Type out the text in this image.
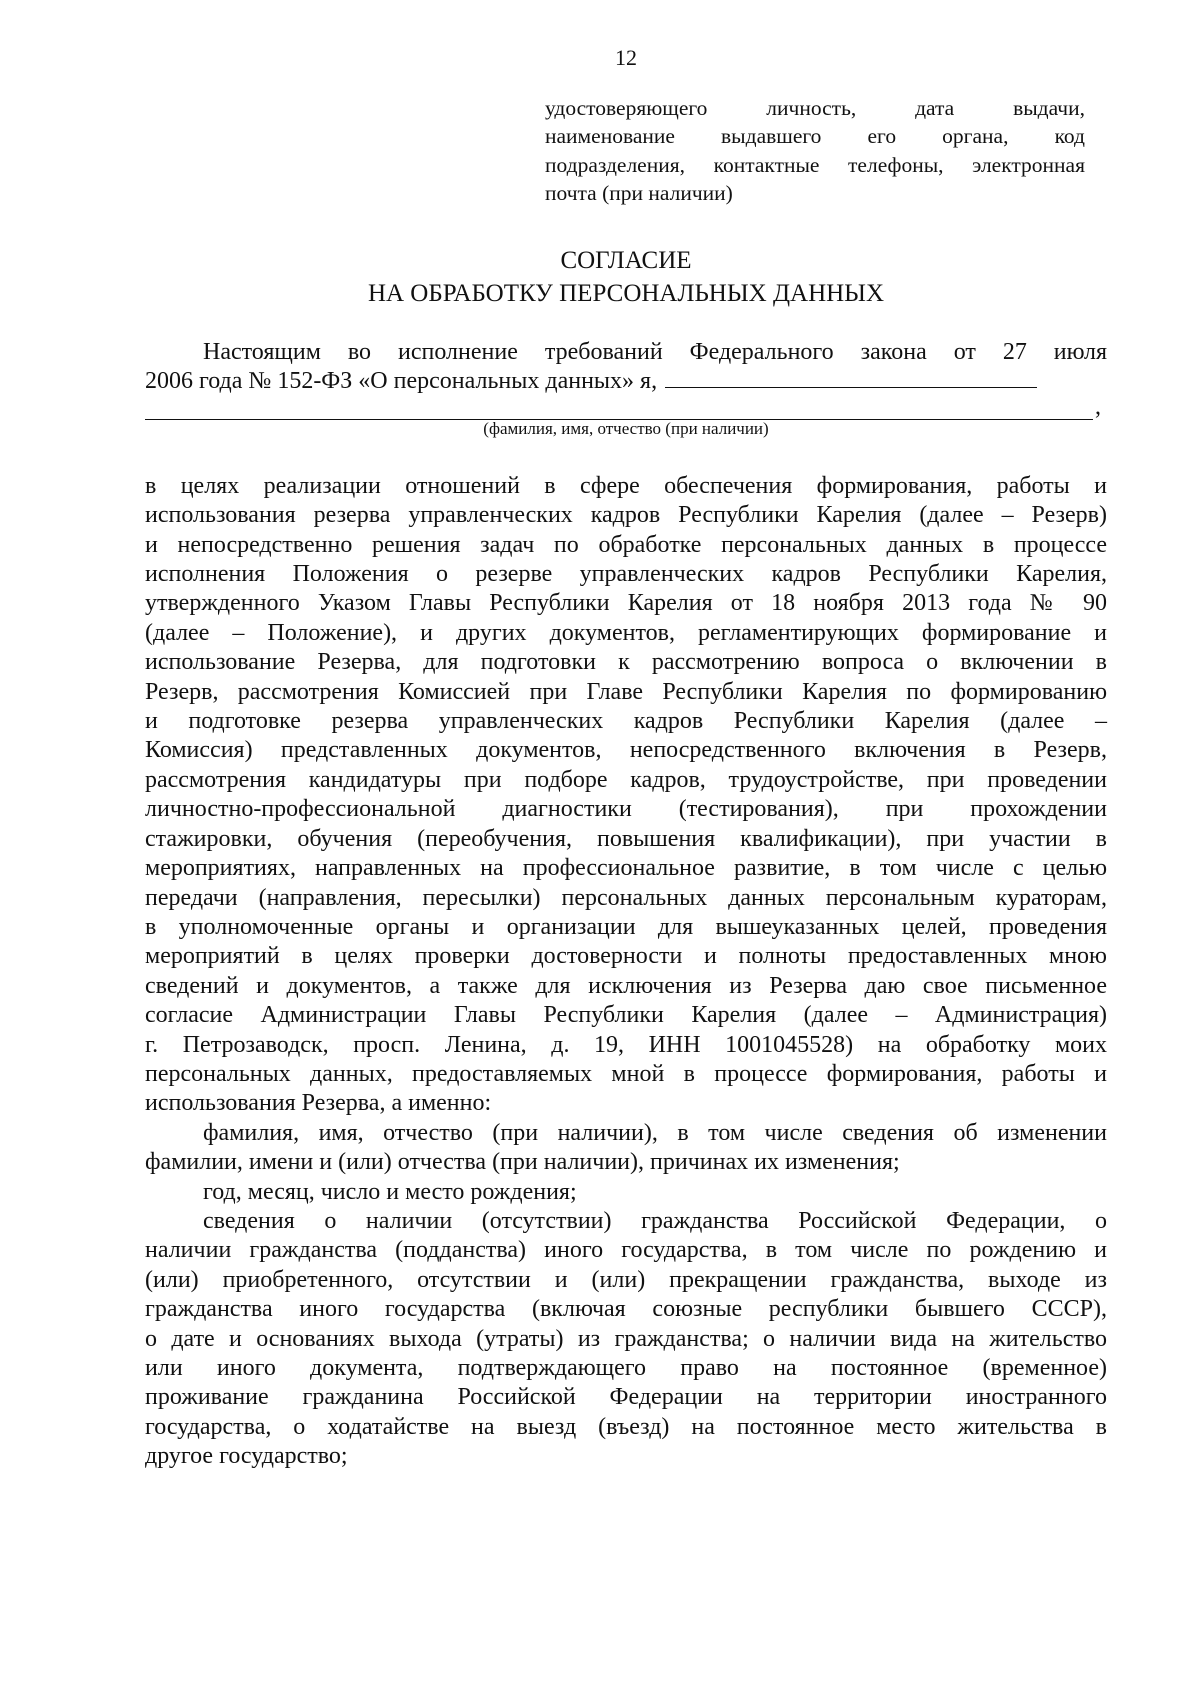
12
удостоверяющего личность, дата выдачи,
наименование выдавшего его органа, код
подразделения, контактные телефоны, электронная
почта (при наличии)
СОГЛАСИЕ
НА ОБРАБОТКУ ПЕРСОНАЛЬНЫХ ДАННЫХ
Настоящим во исполнение требований Федерального закона от 27 июля
2006 года № 152-ФЗ «О персональных данных» я,
,
(фамилия, имя, отчество (при наличии)
в целях реализации отношений в сфере обеспечения формирования, работы и
использования резерва управленческих кадров Республики Карелия (далее – Резерв)
и непосредственно решения задач по обработке персональных данных в процессе
исполнения Положения о резерве управленческих кадров Республики Карелия,
утвержденного Указом Главы Республики Карелия от 18 ноября 2013 года № 90
(далее – Положение), и других документов, регламентирующих формирование и
использование Резерва, для подготовки к рассмотрению вопроса о включении в
Резерв, рассмотрения Комиссией при Главе Республики Карелия по формированию
и подготовке резерва управленческих кадров Республики Карелия (далее –
Комиссия) представленных документов, непосредственного включения в Резерв,
рассмотрения кандидатуры при подборе кадров, трудоустройстве, при проведении
личностно-профессиональной диагностики (тестирования), при прохождении
стажировки, обучения (переобучения, повышения квалификации), при участии в
мероприятиях, направленных на профессиональное развитие, в том числе с целью
передачи (направления, пересылки) персональных данных персональным кураторам,
в уполномоченные органы и организации для вышеуказанных целей, проведения
мероприятий в целях проверки достоверности и полноты предоставленных мною
сведений и документов, а также для исключения из Резерва даю свое письменное
согласие Администрации Главы Республики Карелия (далее – Администрация)
г. Петрозаводск, просп. Ленина, д. 19, ИНН 1001045528) на обработку моих
персональных данных, предоставляемых мной в процессе формирования, работы и
использования Резерва, а именно:
фамилия, имя, отчество (при наличии), в том числе сведения об изменении
фамилии, имени и (или) отчества (при наличии), причинах их изменения;
год, месяц, число и место рождения;
сведения о наличии (отсутствии) гражданства Российской Федерации, о
наличии гражданства (подданства) иного государства, в том числе по рождению и
(или) приобретенного, отсутствии и (или) прекращении гражданства, выходе из
гражданства иного государства (включая союзные республики бывшего СССР),
о дате и основаниях выхода (утраты) из гражданства; о наличии вида на жительство
или иного документа, подтверждающего право на постоянное (временное)
проживание гражданина Российской Федерации на территории иностранного
государства, о ходатайстве на выезд (въезд) на постоянное место жительства в
другое государство;
